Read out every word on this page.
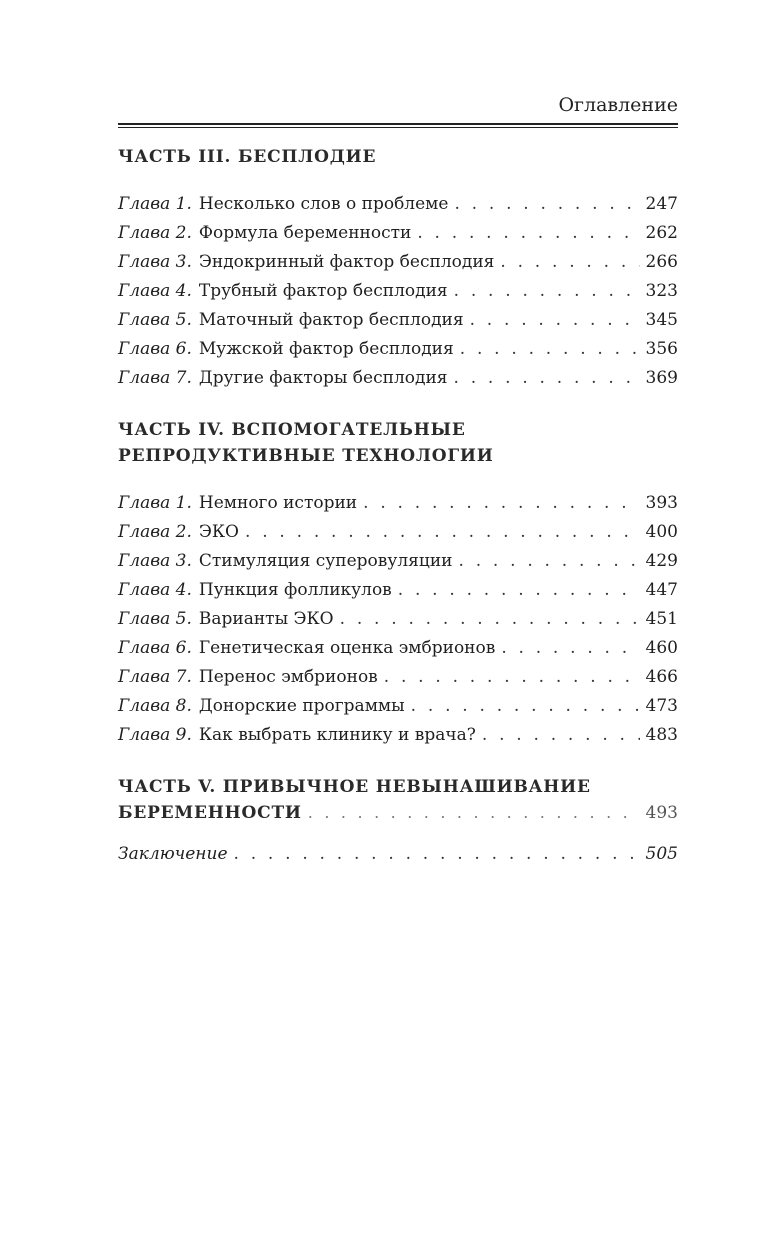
Оглавление
ЧАСТЬ III. БЕСПЛОДИЕ
Глава 1. Несколько слов о проблеме . . .	247
Глава 2. Формула беременности . . .	262
Глава 3. Эндокринный фактор бесплодия . . .	266
Глава 4. Трубный фактор бесплодия . . .	323
Глава 5. Маточный фактор бесплодия . . .	345
Глава 6. Мужской фактор бесплодия . . .	356
Глава 7. Другие факторы бесплодия . . .	369
ЧАСТЬ IV. ВСПОМОГАТЕЛЬНЫЕ
РЕПРОДУКТИВНЫЕ ТЕХНОЛОГИИ
Глава 1. Немного истории . . .	393
Глава 2. ЭКО . . .	400
Глава 3. Стимуляция суперовуляции . . .	429
Глава 4. Пункция фолликулов . . .	447
Глава 5. Варианты ЭКО . . .	451
Глава 6. Генетическая оценка эмбрионов . . .	460
Глава 7. Перенос эмбрионов . . .	466
Глава 8. Донорские программы . . .	473
Глава 9. Как выбрать клинику и врача? . . .	483
ЧАСТЬ V. ПРИВЫЧНОЕ НЕВЫНАШИВАНИЕ
БЕРЕМЕННОСТИ . . .	493
Заключение . . .	505
